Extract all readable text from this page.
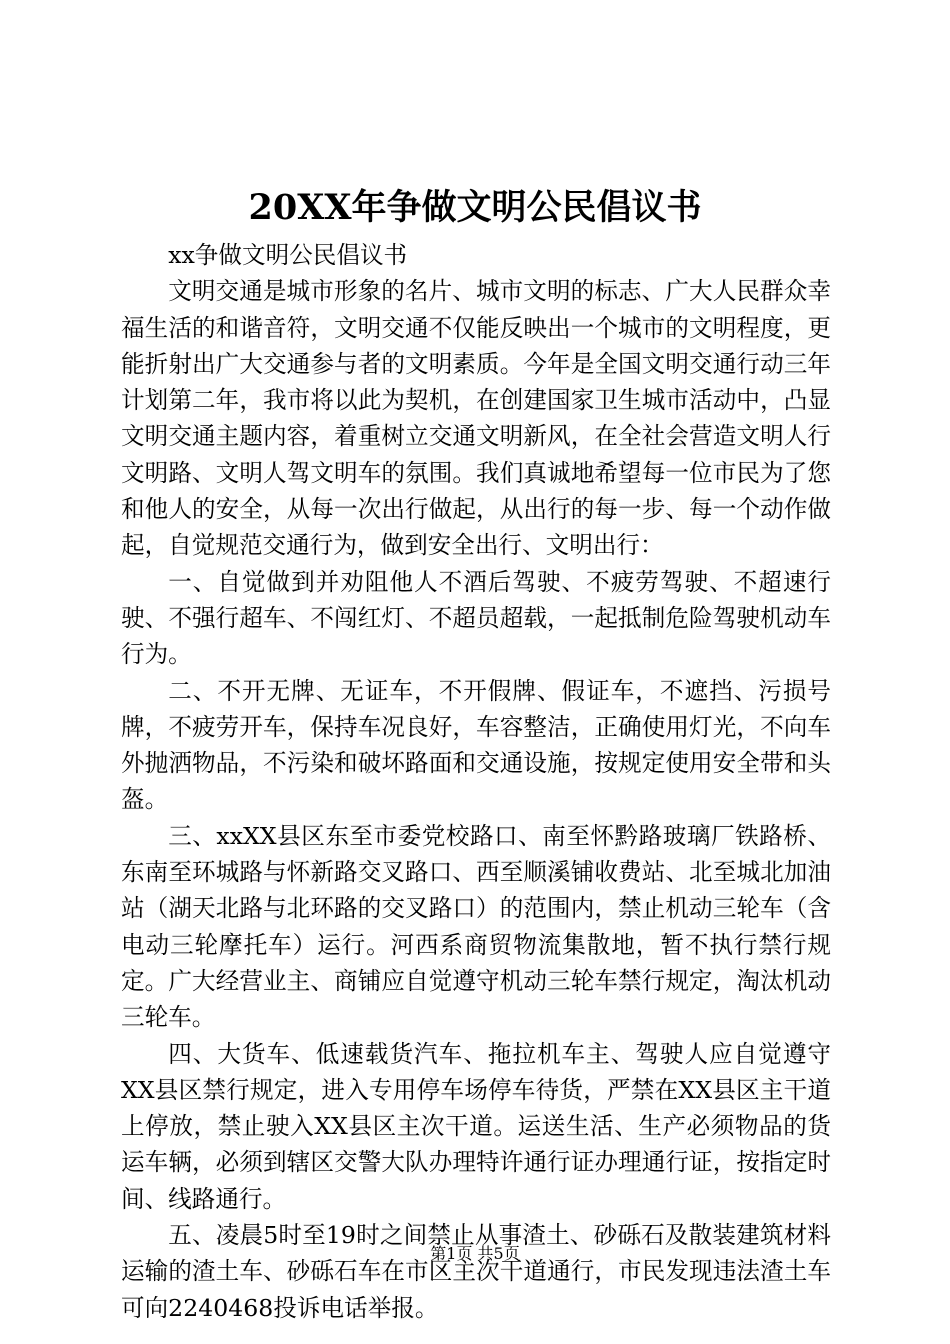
20XX年争做文明公民倡议书

xx争做文明公民倡议书

文明交通是城市形象的名片、城市文明的标志、广大人民群众幸福生活的和谐音符，文明交通不仅能反映出一个城市的文明程度，更能折射出广大交通参与者的文明素质。今年是全国文明交通行动三年计划第二年，我市将以此为契机，在创建国家卫生城市活动中，凸显文明交通主题内容，着重树立交通文明新风，在全社会营造文明人行文明路、文明人驾文明车的氛围。我们真诚地希望每一位市民为了您和他人的安全，从每一次出行做起，从出行的每一步、每一个动作做起，自觉规范交通行为，做到安全出行、文明出行：

一、自觉做到并劝阻他人不酒后驾驶、不疲劳驾驶、不超速行驶、不强行超车、不闯红灯、不超员超载，一起抵制危险驾驶机动车行为。

二、不开无牌、无证车，不开假牌、假证车，不遮挡、污损号牌，不疲劳开车，保持车况良好，车容整洁，正确使用灯光，不向车外抛洒物品，不污染和破坏路面和交通设施，按规定使用安全带和头盔。

三、xxXX县区东至市委党校路口、南至怀黔路玻璃厂铁路桥、东南至环城路与怀新路交叉路口、西至顺溪铺收费站、北至城北加油站（湖天北路与北环路的交叉路口）的范围内，禁止机动三轮车（含电动三轮摩托车）运行。河西系商贸物流集散地，暂不执行禁行规定。广大经营业主、商铺应自觉遵守机动三轮车禁行规定，淘汰机动三轮车。

四、大货车、低速载货汽车、拖拉机车主、驾驶人应自觉遵守XX县区禁行规定，进入专用停车场停车待货，严禁在XX县区主干道上停放，禁止驶入XX县区主次干道。运送生活、生产必须物品的货运车辆，必须到辖区交警大队办理特许通行证办理通行证，按指定时间、线路通行。

五、凌晨5时至19时之间禁止从事渣土、砂砾石及散装建筑材料运输的渣土车、砂砾石车在市区主次干道通行，市民发现违法渣土车可向2240468投诉电话举报。

第1页 共5页
